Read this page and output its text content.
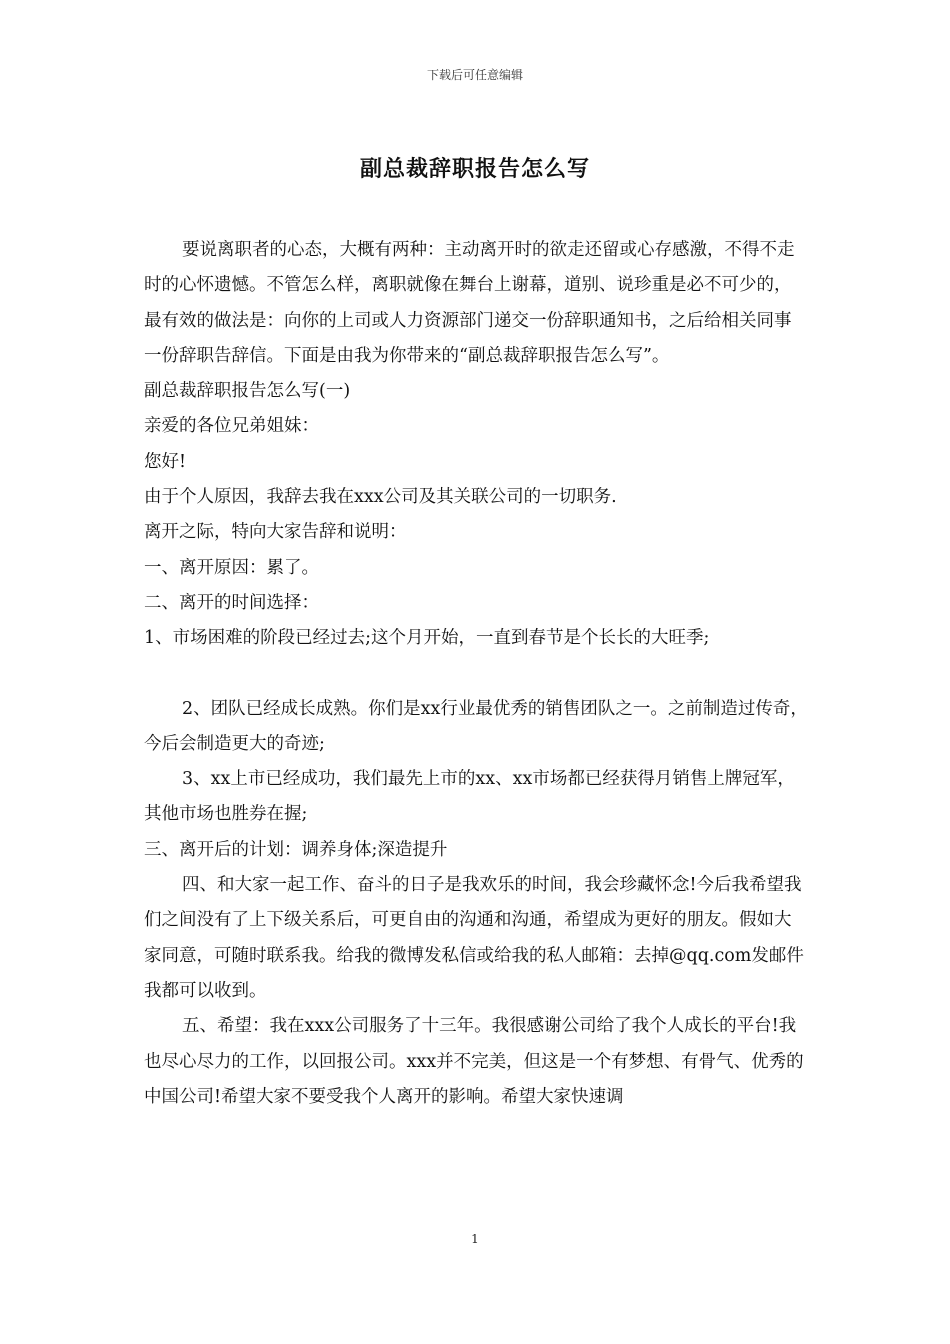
下载后可任意编辑
副总裁辞职报告怎么写

要说离职者的心态，大概有两种：主动离开时的欲走还留或心存感激，不得不走时的心怀遗憾。不管怎么样，离职就像在舞台上谢幕，道别、说珍重是必不可少的，最有效的做法是：向你的上司或人力资源部门递交一份辞职通知书，之后给相关同事一份辞职告辞信。下面是由我为你带来的“副总裁辞职报告怎么写”。

副总裁辞职报告怎么写(一)

亲爱的各位兄弟姐妹：

您好!

由于个人原因，我辞去我在xxx公司及其关联公司的一切职务.

离开之际，特向大家告辞和说明：

一、离开原因：累了。

二、离开的时间选择：

1、市场困难的阶段已经过去;这个月开始，一直到春节是个长长的大旺季;

2、团队已经成长成熟。你们是xx行业最优秀的销售团队之一。之前制造过传奇，今后会制造更大的奇迹;

3、xx上市已经成功，我们最先上市的xx、xx市场都已经获得月销售上牌冠军，其他市场也胜券在握;

三、离开后的计划：调养身体;深造提升

四、和大家一起工作、奋斗的日子是我欢乐的时间，我会珍藏怀念!今后我希望我们之间没有了上下级关系后，可更自由的沟通和沟通，希望成为更好的朋友。假如大家同意，可随时联系我。给我的微博发私信或给我的私人邮箱：去掉@qq.com发邮件我都可以收到。

五、希望：我在xxx公司服务了十三年。我很感谢公司给了我个人成长的平台!我也尽心尽力的工作，以回报公司。xxx并不完美，但这是一个有梦想、有骨气、优秀的中国公司!希望大家不要受我个人离开的影响。希望大家快速调

1
